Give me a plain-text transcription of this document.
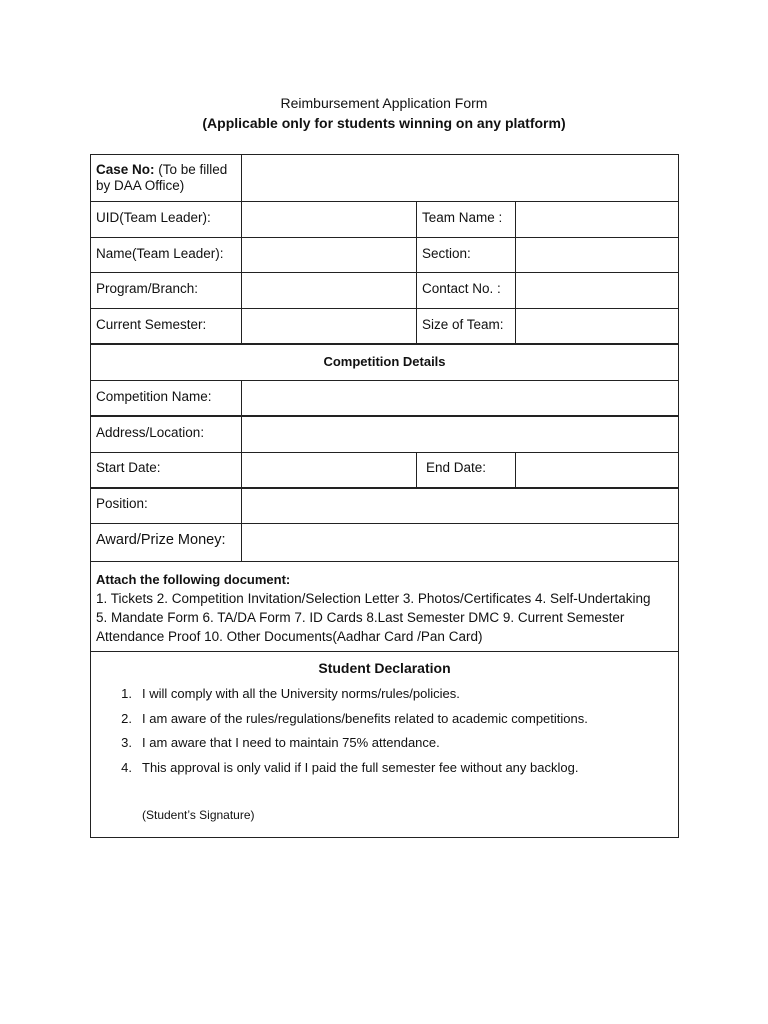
Reimbursement Application Form
(Applicable only for students winning on any platform)
Case No: (To be filled
by DAA Office)
UID(Team Leader):	Team Name :
Name(Team Leader):	Section:
Program/Branch:	Contact No. :
Current Semester:	Size of Team:
Competition Details
Competition Name:
Address/Location:
Start Date:	End Date:
Position:
Award/Prize Money:
Attach the following document:
1. Tickets 2. Competition Invitation/Selection Letter 3. Photos/Certificates 4. Self-Undertaking
5. Mandate Form 6. TA/DA Form 7. ID Cards 8.Last Semester DMC 9. Current Semester
Attendance Proof 10. Other Documents(Aadhar Card /Pan Card)
Student Declaration
1. I will comply with all the University norms/rules/policies.
2. I am aware of the rules/regulations/benefits related to academic competitions.
3. I am aware that I need to maintain 75% attendance.
4. This approval is only valid if I paid the full semester fee without any backlog.
(Student’s Signature)
